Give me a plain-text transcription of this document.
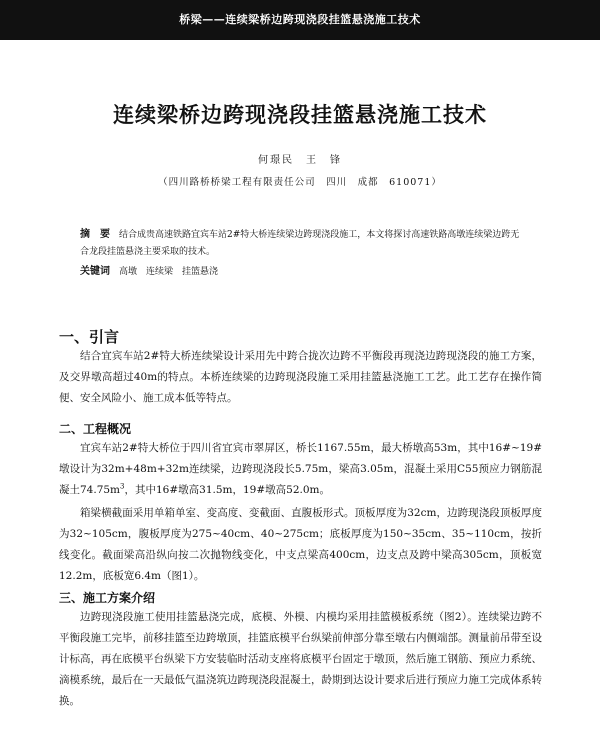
桥梁——连续梁桥边跨现浇段挂篮悬浇施工技术
连续梁桥边跨现浇段挂篮悬浇施工技术
何璟民　王　锋
（四川路桥桥梁工程有限责任公司　四川　成都　610071）
摘　要　 结合成贵高速铁路宜宾车站2#特大桥连续梁边跨现浇段施工，本文将探讨高速铁路高墩连续梁边跨无合龙段挂篮悬浇主要采取的技术。
关键词　 高墩　连续梁　挂篮悬浇
一、引言
结合宜宾车站2#特大桥连续梁设计采用先中跨合拢次边跨不平衡段再现浇边跨现浇段的施工方案，及交界墩高超过40m的特点。本桥连续梁的边跨现浇段施工采用挂篮悬浇施工工艺。此工艺存在操作简便、安全风险小、施工成本低等特点。
二、工程概况
宜宾车站2#特大桥位于四川省宜宾市翠屏区，桥长1167.55m，最大桥墩高53m，其中16#~19#墩设计为32m+48m+32m连续梁，边跨现浇段长5.75m，梁高3.05m，混凝土采用C55预应力钢筋混凝土$74.75m^3$，其中16#墩高31.5m，19#墩高52.0m。
箱梁横截面采用单箱单室、变高度、变截面、直腹板形式。顶板厚度为32cm，边跨现浇段顶板厚度为32~105cm，腹板厚度为275~40cm、40~275cm；底板厚度为150~35cm、35~110cm，按折线变化。截面梁高沿纵向按二次抛物线变化，中支点梁高400cm，边支点及跨中梁高305cm，顶板宽12.2m，底板宽6.4m（图1）。
三、施工方案介绍
边跨现浇段施工使用挂篮悬浇完成，底模、外模、内模均采用挂篮模板系统（图2）。连续梁边跨不平衡段施工完毕，前移挂篮至边跨墩顶，挂篮底模平台纵梁前伸部分靠至墩右内侧端部。测量前吊带至设计标高，再在底模平台纵梁下方安装临时活动支座将底模平台固定于墩顶，然后施工钢筋、预应力系统、滴模系统，最后在一天最低气温浇筑边跨现浇段混凝土，龄期到达设计要求后进行预应力施工完成体系转换。
